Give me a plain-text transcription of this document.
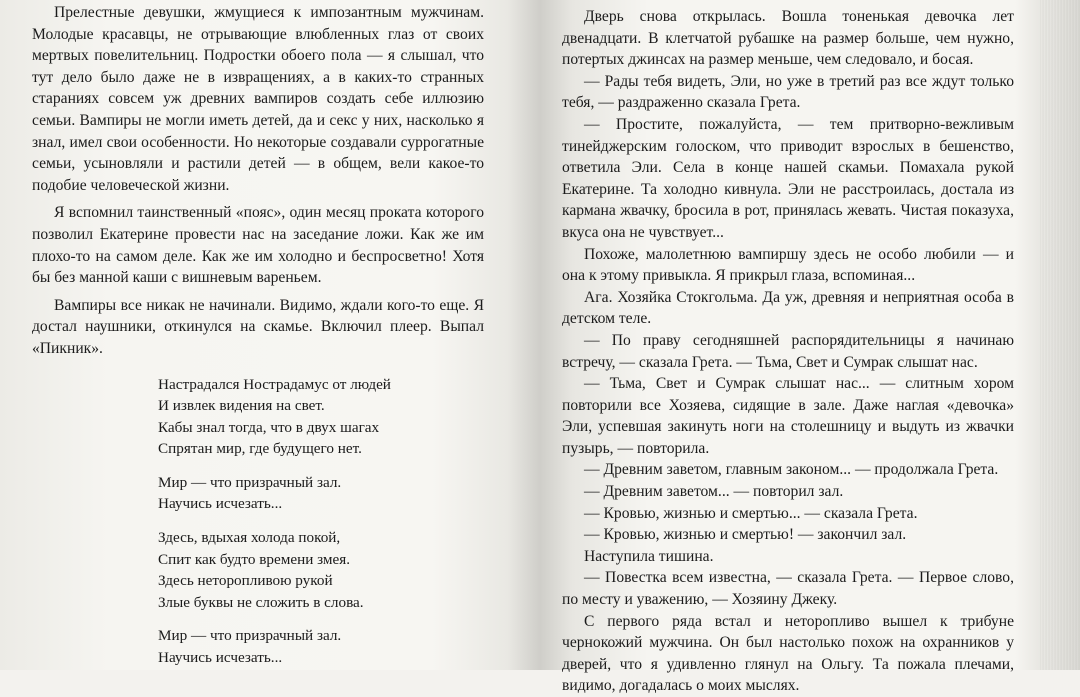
Прелестные девушки, жмущиеся к импозантным мужчинам. Молодые красавцы, не отрывающие влюбленных глаз от своих мертвых повелительниц. Подростки обоего пола — я слышал, что тут дело было даже не в извращениях, а в каких-то странных стараниях совсем уж древних вампиров создать себе иллюзию семьи. Вампиры не могли иметь детей, да и секс у них, насколько я знал, имел свои особенности. Но некоторые создавали суррогатные семьи, усыновляли и растили детей — в общем, вели какое-то подобие человеческой жизни.

Я вспомнил таинственный «пояс», один месяц проката которого позволил Екатерине провести нас на заседание ложи. Как же им плохо-то на самом деле. Как же им холодно и беспросветно! Хотя бы без манной каши с вишневым вареньем.

Вампиры все никак не начинали. Видимо, ждали кого-то еще. Я достал наушники, откинулся на скамье. Включил плеер. Выпал «Пикник».

Настрадался Нострадамус от людей
И извлек видения на свет.
Кабы знал тогда, что в двух шагах
Спрятан мир, где будущего нет.
Мир — что призрачный зал.
Научись исчезать...
Здесь, вдыхая холода покой,
Спит как будто времени змея.
Здесь неторопливою рукой
Злые буквы не сложить в слова.
Мир — что призрачный зал.
Научись исчезать...

Дверь снова открылась. Вошла тоненькая девочка лет двенадцати. В клетчатой рубашке на размер больше, чем нужно, потертых джинсах на размер меньше, чем следовало, и босая.

— Рады тебя видеть, Эли, но уже в третий раз все ждут только тебя, — раздраженно сказала Грета.

— Простите, пожалуйста, — тем притворно-вежливым тинейджерским голоском, что приводит взрослых в бешенство, ответила Эли. Села в конце нашей скамьи. Помахала рукой Екатерине. Та холодно кивнула. Эли не расстроилась, достала из кармана жвачку, бросила в рот, принялась жевать. Чистая показуха, вкуса она не чувствует...

Похоже, малолетнюю вампиршу здесь не особо любили — и она к этому привыкла. Я прикрыл глаза, вспоминая...

Ага. Хозяйка Стокгольма. Да уж, древняя и неприятная особа в детском теле.

— По праву сегодняшней распорядительницы я начинаю встречу, — сказала Грета. — Тьма, Свет и Сумрак слышат нас.

— Тьма, Свет и Сумрак слышат нас... — слитным хором повторили все Хозяева, сидящие в зале. Даже наглая «девочка» Эли, успевшая закинуть ноги на столешницу и выдуть из жвачки пузырь, — повторила.

— Древним заветом, главным законом... — продолжала Грета.

— Древним заветом... — повторил зал.

— Кровью, жизнью и смертью... — сказала Грета.

— Кровью, жизнью и смертью! — закончил зал.

Наступила тишина.

— Повестка всем известна, — сказала Грета. — Первое слово, по месту и уважению, — Хозяину Джеку.

С первого ряда встал и неторопливо вышел к трибуне чернокожий мужчина. Он был настолько похож на охранников у дверей, что я удивленно глянул на Ольгу. Та пожала плечами, видимо, догадалась о моих мыслях.
